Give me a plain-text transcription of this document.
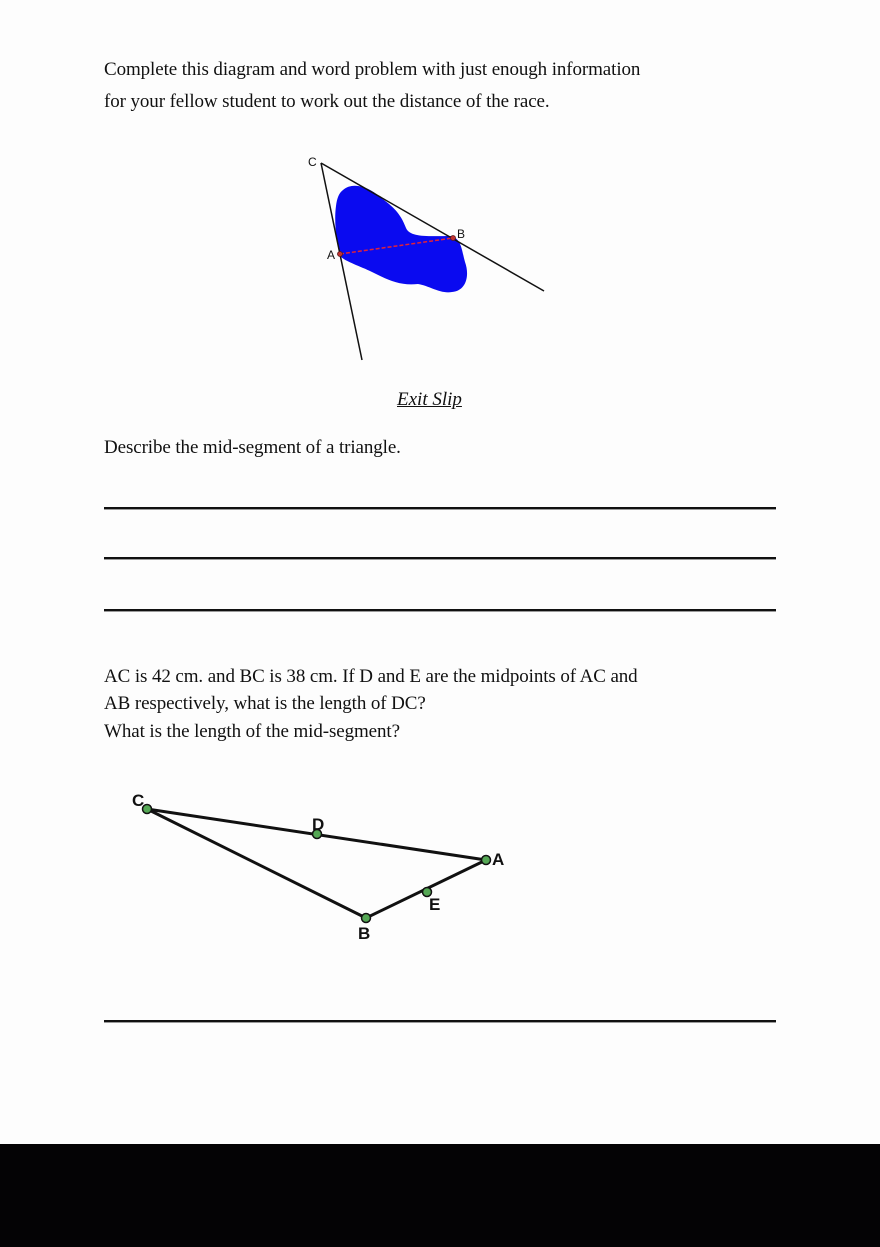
Complete this diagram and word problem with just enough information
for your fellow student to work out the distance of the race.
C
A
B
Exit Slip
Describe the mid-segment of a triangle.
AC is 42 cm. and BC is 38 cm. If D and E are the midpoints of AC and
AB respectively, what is the length of DC?
What is the length of the mid-segment?
C
D
A
E
B
